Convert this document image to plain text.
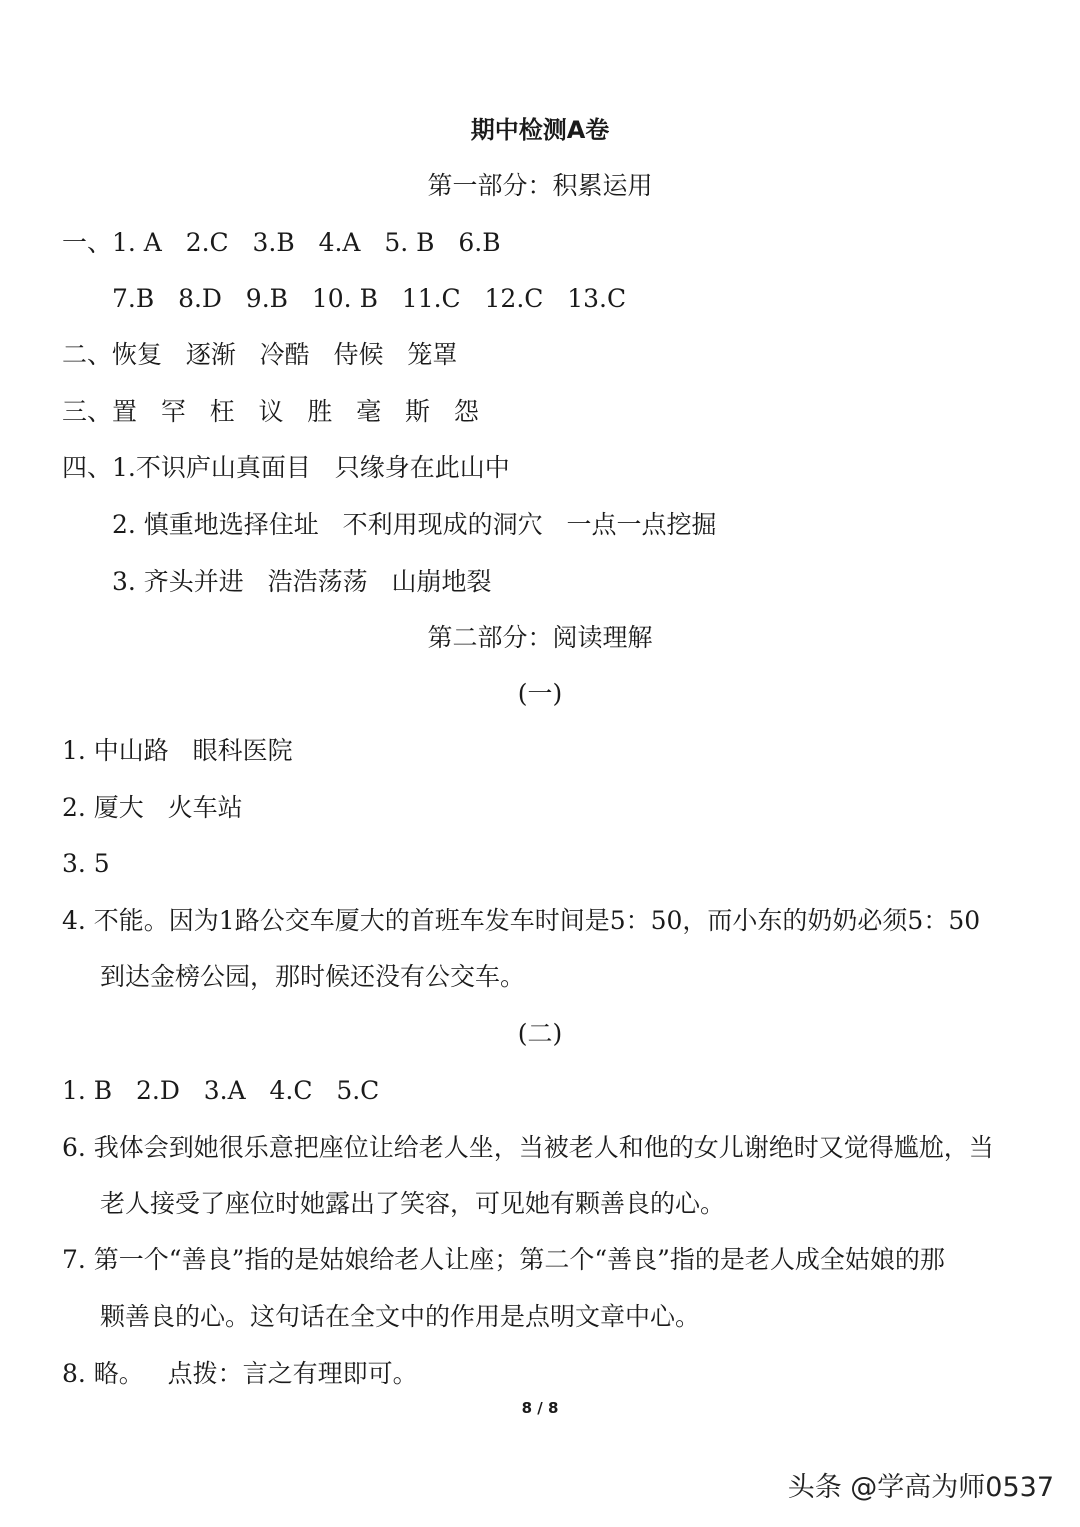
期中检测A卷
第一部分：积累运用
一、1. A   2.C   3.B   4.A   5. B   6.B
7.B   8.D   9.B   10. B   11.C   12.C   13.C
二、恢复   逐渐   冷酷   侍候   笼罩
三、置   罕   枉   议   胜   毫   斯   怨
四、1.不识庐山真面目   只缘身在此山中
2. 慎重地选择住址   不利用现成的洞穴   一点一点挖掘
3. 齐头并进   浩浩荡荡   山崩地裂
第二部分：阅读理解
(一)
1. 中山路   眼科医院
2. 厦大   火车站
3. 5
4. 不能。因为1路公交车厦大的首班车发车时间是5：50，而小东的奶奶必须5：50
到达金榜公园，那时候还没有公交车。
(二)
1. B   2.D   3.A   4.C   5.C
6. 我体会到她很乐意把座位让给老人坐，当被老人和他的女儿谢绝时又觉得尴尬，当
老人接受了座位时她露出了笑容，可见她有颗善良的心。
7. 第一个“善良”指的是姑娘给老人让座；第二个“善良”指的是老人成全姑娘的那
颗善良的心。这句话在全文中的作用是点明文章中心。
8. 略。   点拨：言之有理即可。
8 / 8
头条 @学高为师0537
